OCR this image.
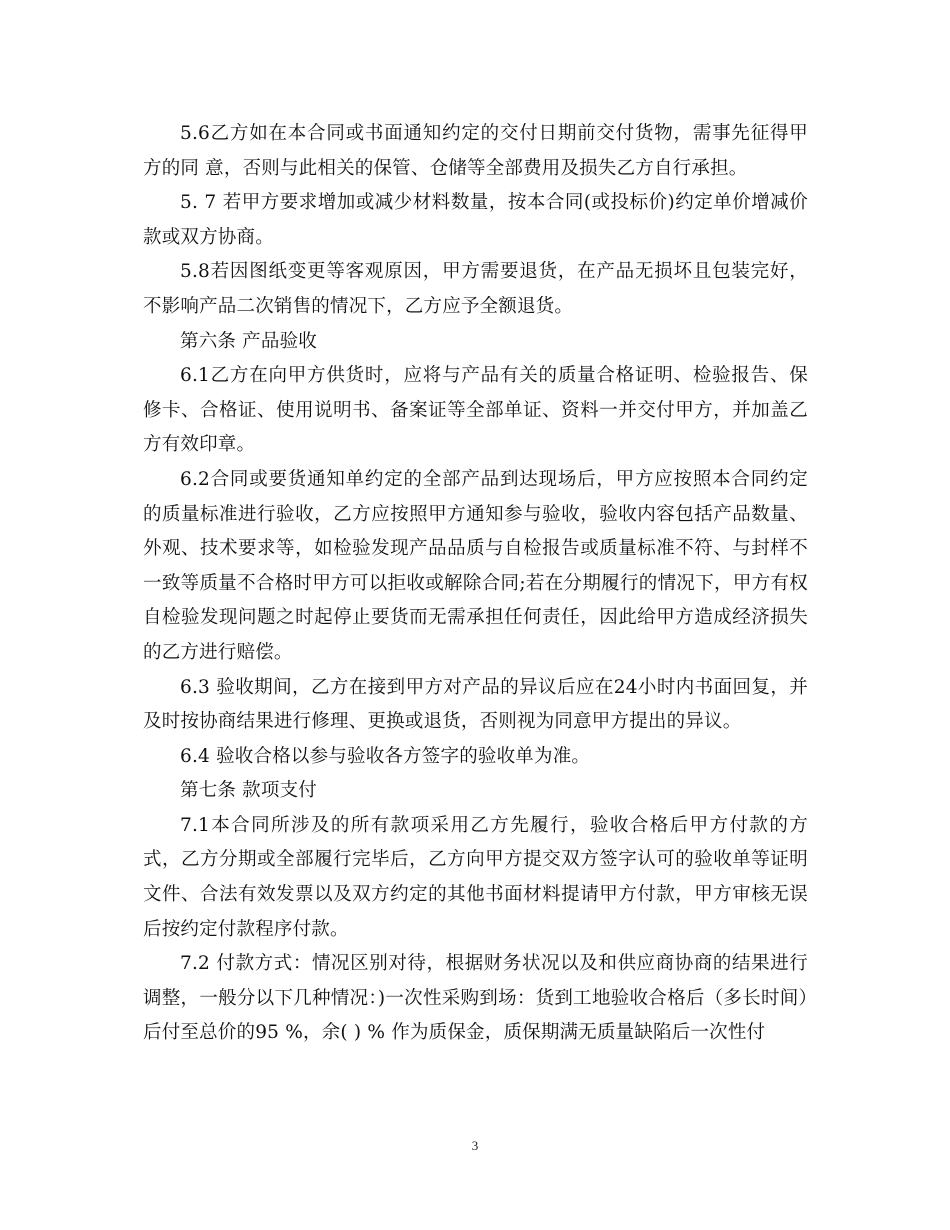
5.6乙方如在本合同或书面通知约定的交付日期前交付货物，需事先征得甲方的同 意，否则与此相关的保管、仓储等全部费用及损失乙方自行承担。

5. 7 若甲方要求增加或减少材料数量，按本合同(或投标价)约定单价增减价款或双方协商。

5.8若因图纸变更等客观原因，甲方需要退货，在产品无损坏且包装完好，不影响产品二次销售的情况下，乙方应予全额退货。

第六条 产品验收

6.1乙方在向甲方供货时，应将与产品有关的质量合格证明、检验报告、保修卡、合格证、使用说明书、备案证等全部单证、资料一并交付甲方，并加盖乙方有效印章。

6.2合同或要货通知单约定的全部产品到达现场后，甲方应按照本合同约定的质量标准进行验收，乙方应按照甲方通知参与验收，验收内容包括产品数量、外观、技术要求等，如检验发现产品品质与自检报告或质量标准不符、与封样不一致等质量不合格时甲方可以拒收或解除合同;若在分期履行的情况下，甲方有权自检验发现问题之时起停止要货而无需承担任何责任，因此给甲方造成经济损失的乙方进行赔偿。

6.3 验收期间，乙方在接到甲方对产品的异议后应在24小时内书面回复，并及时按协商结果进行修理、更换或退货，否则视为同意甲方提出的异议。

6.4 验收合格以参与验收各方签字的验收单为准。

第七条 款项支付

7.1本合同所涉及的所有款项采用乙方先履行，验收合格后甲方付款的方式，乙方分期或全部履行完毕后，乙方向甲方提交双方签字认可的验收单等证明文件、合法有效发票以及双方约定的其他书面材料提请甲方付款，甲方审核无误后按约定付款程序付款。

7.2 付款方式：情况区别对待，根据财务状况以及和供应商协商的结果进行调整，一般分以下几种情况：)一次性采购到场：货到工地验收合格后（多长时间）后付至总价的95 %，余( ) % 作为质保金，质保期满无质量缺陷后一次性付

3
